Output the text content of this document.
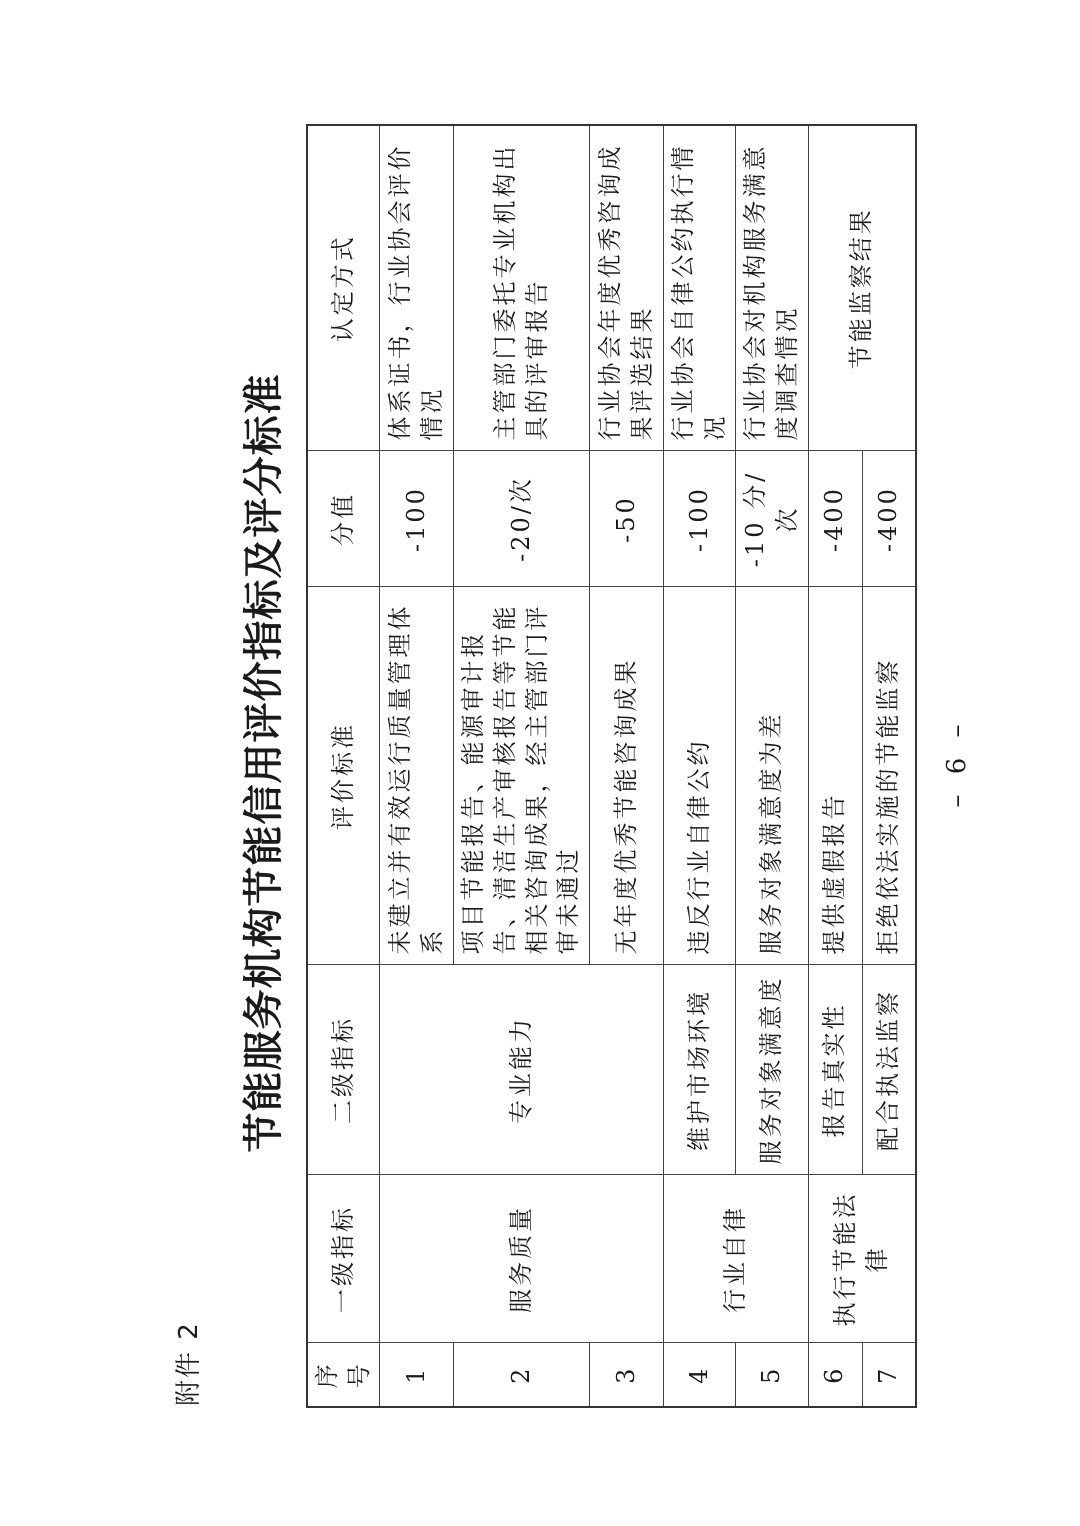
附件 2
节能服务机构节能信用评价指标及评分标准
序号	一级指标	二级指标	评价标准	分值	认定方式
1	服务质量	专业能力	未建立并有效运行质量管理体系	-100	体系证书，行业协会评价情况
2			项目节能报告、能源审计报告、清洁生产审核报告等节能相关咨询成果，经主管部门评审未通过	-20/次	主管部门委托专业机构出具的评审报告
3			无年度优秀节能咨询成果	-50	行业协会年度优秀咨询成果评选结果
4	行业自律	维护市场环境	违反行业自律公约	-100	行业协会自律公约执行情况
5		服务对象满意度	服务对象满意度为差	-10 分/次	行业协会对机构服务满意度调查情况
6	执行节能法律	报告真实性	提供虚假报告	-400	节能监察结果
7		配合执法监察	拒绝依法实施的节能监察	-400	
– 6 –
